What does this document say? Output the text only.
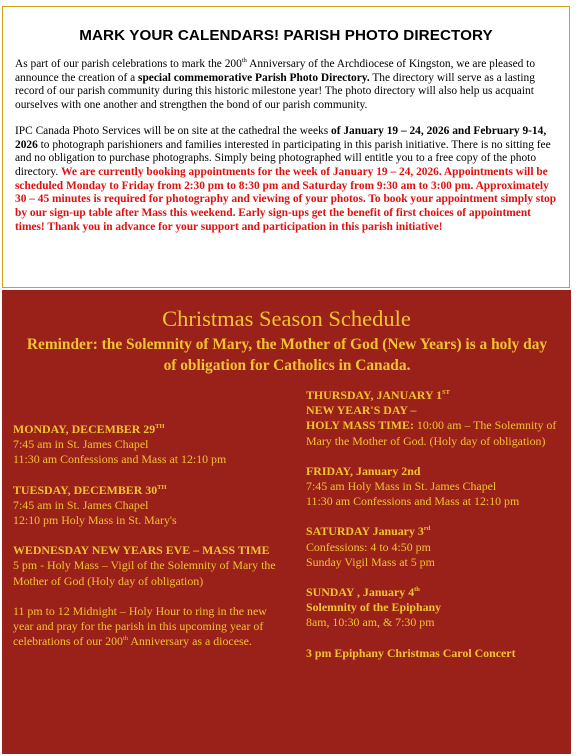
MARK YOUR CALENDARS! PARISH PHOTO DIRECTORY

As part of our parish celebrations to mark the 200th Anniversary of the Archdiocese of Kingston, we are pleased to announce the creation of a special commemorative Parish Photo Directory. The directory will serve as a lasting record of our parish community during this historic milestone year! The photo directory will also help us acquaint ourselves with one another and strengthen the bond of our parish community.

IPC Canada Photo Services will be on site at the cathedral the weeks of January 19 – 24, 2026 and February 9-14, 2026 to photograph parishioners and families interested in participating in this parish initiative. There is no sitting fee and no obligation to purchase photographs. Simply being photographed will entitle you to a free copy of the photo directory. We are currently booking appointments for the week of January 19 – 24, 2026. Appointments will be scheduled Monday to Friday from 2:30 pm to 8:30 pm and Saturday from 9:30 am to 3:00 pm. Approximately 30 – 45 minutes is required for photography and viewing of your photos. To book your appointment simply stop by our sign-up table after Mass this weekend. Early sign-ups get the benefit of first choices of appointment times! Thank you in advance for your support and participation in this parish initiative!

Christmas Season Schedule
Reminder: the Solemnity of Mary, the Mother of God (New Years) is a holy day of obligation for Catholics in Canada.
MONDAY, DECEMBER 29TH
7:45 am in St. James Chapel
11:30 am Confessions and Mass at 12:10 pm
TUESDAY, DECEMBER 30TH
7:45 am in St. James Chapel
12:10 pm Holy Mass in St. Mary's
WEDNESDAY NEW YEARS EVE – MASS TIME
5 pm - Holy Mass – Vigil of the Solemnity of Mary the Mother of God (Holy day of obligation)
11 pm to 12 Midnight – Holy Hour to ring in the new year and pray for the parish in this upcoming year of celebrations of our 200th Anniversary as a diocese.
THURSDAY, JANUARY 1ST
NEW YEAR'S DAY –
HOLY MASS TIME: 10:00 am – The Solemnity of Mary the Mother of God. (Holy day of obligation)
FRIDAY, January 2nd
7:45 am Holy Mass in St. James Chapel
11:30 am Confessions and Mass at 12:10 pm
SATURDAY January 3rd
Confessions: 4 to 4:50 pm
Sunday Vigil Mass at 5 pm
SUNDAY , January 4th
Solemnity of the Epiphany
8am, 10:30 am, & 7:30 pm
3 pm Epiphany Christmas Carol Concert
